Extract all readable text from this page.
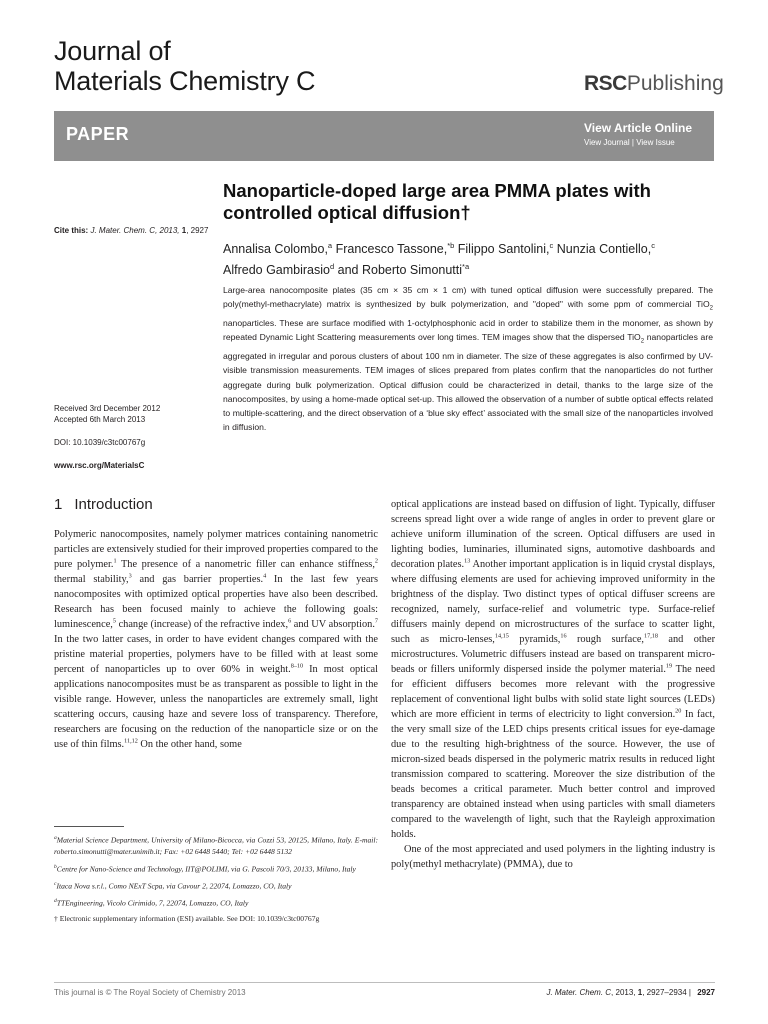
Journal of
Materials Chemistry C	RSCPublishing
PAPER	View Article Online
View Journal | View Issue
Nanoparticle-doped large area PMMA plates with
controlled optical diffusion†
Annalisa Colombo,$^a$ Francesco Tassone,$^{*b}$ Filippo Santolini,$^c$ Nunzia Contiello,$^c$
Alfredo Gambirasio$^d$ and Roberto Simonutti$^{*a}$
Cite this: J. Mater. Chem. C, 2013, 1, 2927
Received 3rd December 2012
Accepted 6th March 2013
DOI: 10.1039/c3tc00767g
www.rsc.org/MaterialsC
Large-area nanocomposite plates (35 cm × 35 cm × 1 cm) with tuned optical diffusion were successfully prepared. The poly(methyl-methacrylate) matrix is synthesized by bulk polymerization, and "doped" with some ppm of commercial TiO$_2$ nanoparticles. These are surface modified with 1-octylphosphonic acid in order to stabilize them in the monomer, as shown by repeated Dynamic Light Scattering measurements over long times. TEM images show that the dispersed TiO$_2$ nanoparticles are aggregated in irregular and porous clusters of about 100 nm in diameter. The size of these aggregates is also confirmed by UV-visible transmission measurements. TEM images of slices prepared from plates confirm that the nanoparticles do not further aggregate during bulk polymerization. Optical diffusion could be characterized in detail, thanks to the large size of the nanocomposites, by using a home-made optical set-up. This allowed the observation of a number of subtle optical effects related to multiple-scattering, and the direct observation of a ‘blue sky effect’ associated with the small size of the nanoparticles involved in diffusion.
1 Introduction

Polymeric nanocomposites, namely polymer matrices containing nanometric particles are extensively studied for their improved properties compared to the pure polymer.$^1$ The presence of a nanometric filler can enhance stiffness,$^2$ thermal stability,$^3$ and gas barrier properties.$^4$ In the last few years nanocomposites with optimized optical properties have also been described. Research has been focused mainly to achieve the following goals: luminescence,$^5$ change (increase) of the refractive index,$^6$ and UV absorption.$^7$ In the two latter cases, in order to have evident changes compared with the pristine material properties, polymers have to be filled with at least some percent of nanoparticles up to over 60% in weight.$^{8-10}$ In most optical applications nanocomposites must be as transparent as possible to light in the visible range. However, unless the nanoparticles are extremely small, light scattering occurs, causing haze and severe loss of transparency. Therefore, researchers are focusing on the reduction of the nanoparticle size or on the use of thin films.$^{11,12}$ On the other hand, some

optical applications are instead based on diffusion of light. Typically, diffuser screens spread light over a wide range of angles in order to prevent glare or achieve uniform illumination of the screen. Optical diffusers are used in lighting bodies, luminaries, illuminated signs, automotive dashboards and decoration plates.$^{13}$ Another important application is in liquid crystal displays, where diffusing elements are used for achieving improved uniformity in the brightness of the display. Two distinct types of optical diffuser screens are recognized, namely, surface-relief and volumetric type. Surface-relief diffusers mainly depend on microstructures of the surface to scatter light, such as micro-lenses,$^{14,15}$ pyramids,$^{16}$ rough surface,$^{17,18}$ and other microstructures. Volumetric diffusers instead are based on transparent micro-beads or fillers uniformly dispersed inside the polymer material.$^{19}$ The need for efficient diffusers becomes more relevant with the progressive replacement of conventional light bulbs with solid state light sources (LEDs) which are more efficient in terms of electricity to light conversion.$^{20}$ In fact, the very small size of the LED chips presents critical issues for eye-damage due to the resulting high-brightness of the source. However, the use of micron-sized beads dispersed in the polymeric matrix results in reduced light transmission compared to scattering. Moreover the size distribution of the beads becomes a critical parameter. Much better control and improved transparency are obtained instead when using particles with small diameters compared to the wavelength of light, such that the Rayleigh approximation holds.

One of the most appreciated and used polymers in the lighting industry is poly(methyl methacrylate) (PMMA), due to

$^a$Material Science Department, University of Milano-Bicocca, via Cozzi 53, 20125, Milano, Italy. E-mail: roberto.simonutti@mater.unimib.it; Fax: +02 6448 5440; Tel: +02 6448 5132

$^b$Centre for Nano-Science and Technology, IIT@POLIMI, via G. Pascoli 70/3, 20133, Milano, Italy

$^c$Itaca Nova s.r.l., Como NExT Scpa, via Cavour 2, 22074, Lomazzo, CO, Italy

$^d$TTEngineering, Vicolo Cirimido, 7, 22074, Lomazzo, CO, Italy

† Electronic supplementary information (ESI) available. See DOI: 10.1039/c3tc00767g

This journal is © The Royal Society of Chemistry 2013	J. Mater. Chem. C, 2013, 1, 2927–2934 | 2927
